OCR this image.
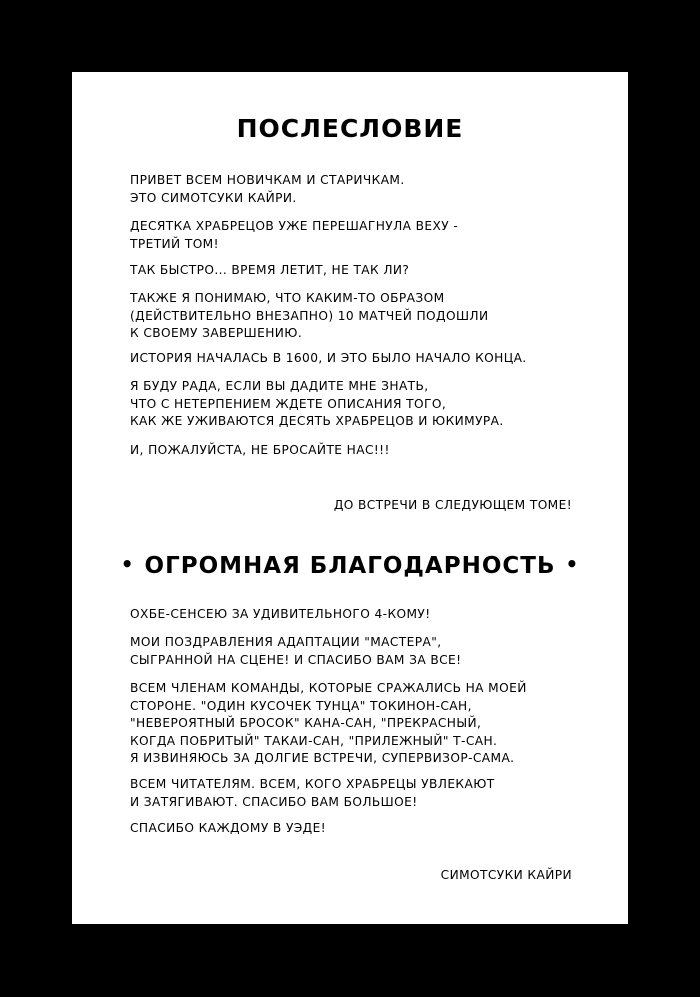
ПОСЛЕСЛОВИЕ
ПРИВЕТ ВСЕМ НОВИЧКАМ И СТАРИЧКАМ.
ЭТО СИМОТСУКИ КАЙРИ.
ДЕСЯТКА ХРАБРЕЦОВ УЖЕ ПЕРЕШАГНУЛА ВЕХУ -
ТРЕТИЙ ТОМ!
ТАК БЫСТРО... ВРЕМЯ ЛЕТИТ, НЕ ТАК ЛИ?
ТАКЖЕ Я ПОНИМАЮ, ЧТО КАКИМ-ТО ОБРАЗОМ
(ДЕЙСТВИТЕЛЬНО ВНЕЗАПНО) 10 МАТЧЕЙ ПОДОШЛИ
К СВОЕМУ ЗАВЕРШЕНИЮ.
ИСТОРИЯ НАЧАЛАСЬ В 1600, И ЭТО БЫЛО НАЧАЛО КОНЦА.
Я БУДУ РАДА, ЕСЛИ ВЫ ДАДИТЕ МНЕ ЗНАТЬ,
ЧТО С НЕТЕРПЕНИЕМ ЖДЕТЕ ОПИСАНИЯ ТОГО,
КАК ЖЕ УЖИВАЮТСЯ ДЕСЯТЬ ХРАБРЕЦОВ И ЮКИМУРА.
И, ПОЖАЛУЙСТА, НЕ БРОСАЙТЕ НАС!!!
ДО ВСТРЕЧИ В СЛЕДУЮЩЕМ ТОМЕ!
• ОГРОМНАЯ БЛАГОДАРНОСТЬ •
ОХБЕ-СЕНСЕЮ ЗА УДИВИТЕЛЬНОГО 4-КОМУ!
МОИ ПОЗДРАВЛЕНИЯ АДАПТАЦИИ "МАСТЕРА",
СЫГРАННОЙ НА СЦЕНЕ! И СПАСИБО ВАМ ЗА ВСЕ!
ВСЕМ ЧЛЕНАМ КОМАНДЫ, КОТОРЫЕ СРАЖАЛИСЬ НА МОЕЙ
СТОРОНЕ. "ОДИН КУСОЧЕК ТУНЦА" ТОКИНОН-САН,
"НЕВЕРОЯТНЫЙ БРОСОК" КАНА-САН, "ПРЕКРАСНЫЙ,
КОГДА ПОБРИТЫЙ" ТАКАИ-САН, "ПРИЛЕЖНЫЙ" Т-САН.
Я ИЗВИНЯЮСЬ ЗА ДОЛГИЕ ВСТРЕЧИ, СУПЕРВИЗОР-САМА.
ВСЕМ ЧИТАТЕЛЯМ. ВСЕМ, КОГО ХРАБРЕЦЫ УВЛЕКАЮТ
И ЗАТЯГИВАЮТ. СПАСИБО ВАМ БОЛЬШОЕ!
СПАСИБО КАЖДОМУ В УЭДЕ!
СИМОТСУКИ КАЙРИ
